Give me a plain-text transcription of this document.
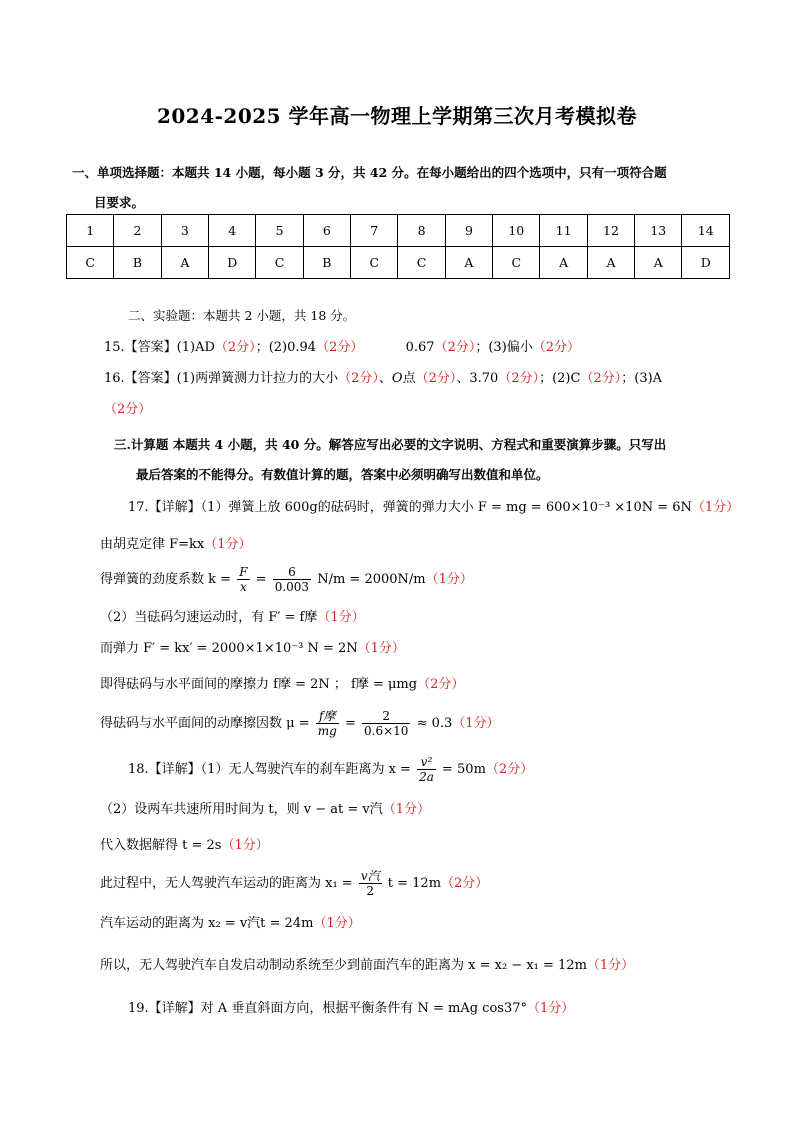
2024-2025 学年高一物理上学期第三次月考模拟卷
一、单项选择题：本题共 14 小题，每小题 3 分，共 42 分。在每小题给出的四个选项中，只有一项符合题
目要求。
1	2	3	4	5	6	7	8	9	10	11	12	13	14
C	B	A	D	C	B	C	C	A	C	A	A	A	D
二、实验题：本题共 2 小题，共 18 分。
15.【答案】(1)AD（2分）；(2)0.94（2分）	0.67（2分）；(3)偏小（2分）
16.【答案】(1)两弹簧测力计拉力的大小（2分）、O点（2分）、3.70（2分）；(2)C（2分）；(3)A
（2分）
三.计算题 本题共 4 小题，共 40 分。解答应写出必要的文字说明、方程式和重要演算步骤。只写出
最后答案的不能得分。有数值计算的题，答案中必须明确写出数值和单位。
17.【详解】（1）弹簧上放 600g的砝码时，弹簧的弹力大小 F = mg = 600×10⁻³ ×10N = 6N（1分）
由胡克定律 F=kx（1分）
得弹簧的劲度系数 $k = \frac{F}{x} = \frac{6}{0.003} N/m = 2000N/m(1$分）
（2）当砝码匀速运动时，有 F′ = f摩（1分）
而弹力 F′ = kx′ = 2000×1×10⁻³ N = 2N（1分）
即得砝码与水平面间的摩擦力 f摩 = 2N ； f摩 = μmg（2分）
得砝码与水平面间的动摩擦因数 $\mu = \frac{\text{f摩}}{mg} = \frac{2}{0.6\times 10} \approx 0.3(1$分）
18.【详解】（1）无人驾驶汽车的刹车距离为 $x = \frac{\text{v²}}{2a} = 50m(2$分）
（2）设两车共速所用时间为 t，则 v − at = v汽（1分）
代入数据解得 t = 2s（1分）
此过程中，无人驾驶汽车运动的距离为 $x_1 = \frac{\text{v汽}}{2}$ t = 12m（2分）
汽车运动的距离为 x₂ = v汽t = 24m（1分）
所以，无人驾驶汽车自发启动制动系统至少到前面汽车的距离为 x = x₂ − x₁ = 12m（1分）
19.【详解】对 A 垂直斜面方向，根据平衡条件有 N = mAg cos37°（1分）
